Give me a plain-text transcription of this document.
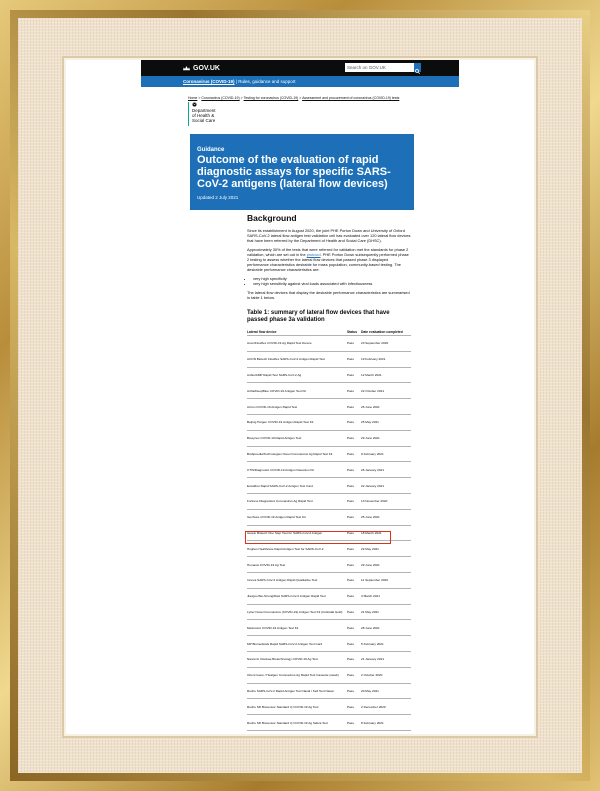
GOV.UK	Search on GOV.UK
Coronavirus (COVID-19) | Rules, guidance and support
Home > Coronavirus (COVID-19) > Testing for coronavirus (COVID-19) > Assessment and procurement of coronavirus (COVID-19) tests
Department
of Health &
Social Care
Guidance
Outcome of the evaluation of rapid diagnostic assays for specific SARS-CoV-2 antigens (lateral flow devices)
Updated 2 July 2021
Background

Since its establishment in August 2020, the joint PHE Porton Down and University of Oxford SARS-CoV-2 lateral flow antigen test validation cell has evaluated over 120 lateral flow devices that have been referred by the Department of Health and Social Care (DHSC).

Approximately 30% of the tests that were referred for validation met the standards for phase 2 validation, which are set out in the protocol. PHE Porton Down subsequently performed phase 2 testing to assess whether the lateral flow devices that passed phase 3 displayed performance characteristics desirable for mass population, community-based testing. The desirable performance characteristics are:

• very high specificity
• very high sensitivity against viral loads associated with infectiousness

The lateral flow devices that display the desirable performance characteristics are summarised in table 1 below.

Table 1: summary of lateral flow devices that have passed phase 3a validation
Lateral flow device	Status	Date evaluation completed
Acon/Flowflex COVID-19 Ag Rapid Test Device	Pass	23 September 2020
ACON Biotech Flowflex SARS-CoV-2 Antigen Rapid Test	Pass	19 February 2021
Anbio/AMP Rapid Test SARS-CoV-2 Ag	Pass	12 March 2021
Artha/DeepBlue COVID-19 Antigen Test Kit	Pass	22 October 2021
Artron COVID-19 Antigen Rapid Test	Pass	26 June 2021
Beijing Hotgen COVID-19 Antigen Rapid Test Kit	Pass	25 May 2021
Biosynex COVID-19 Rapid Antigen Test	Pass	29 June 2021
BioSpeedia/Technologies Novel Coronavirus Ag Rapid Test Kit	Pass	9 February 2021
CTIS/Diagnostic COVID-19 Antigen Detection Kit	Pass	26 January 2021
Excalibur Rapid SARS-CoV-2 Antigen Test Card	Pass	22 January 2021
Fortress Diagnostics Coronavirus Ag Rapid Test	Pass	13 November 2020
GenSure COVID-19 Antigen Rapid Test Kit	Pass	25 June 2021
Getein Biotech One Step Test for SARS-CoV-2 Antigen	Pass	18 March 2021
Hughes Healthcare Rapid Antigen Test for SARS-CoV-2	Pass	22 May 2021
Humasis COVID-19 Ag Test	Pass	29 June 2021
Innova SARS-CoV-2 Antigen Rapid Qualitative Test	Pass	11 September 2020
Jiangsu Bio-Strong/Diaz SARS-CoV-2 Antigen Rapid Test	Pass	3 March 2021
Lyher Novel Coronavirus (COVID-19) Antigen Test Kit (Colloidal Gold)	Pass	21 May 2021
Medomics COVID-19 Antigen Test Kit	Pass	28 June 2021
MP Biomedicals Rapid SARS-CoV-2 Antigen Test Card	Pass	5 February 2021
Nanomix Clarivae Biotechnology COVID-19 Ag Test	Pass	21 January 2021
Orient Gene / Healgen Coronavirus Ag Rapid Test Cassette (swab)	Pass	2 October 2020
Roche SARS-CoV-2 Rapid Antigen Test Nasal / Self Test Nasal	Pass	20 May 2021
Roche SD Biosensor Standard Q COVID-19 Ag Test	Pass	2 December 2020
Roche SD Biosensor Standard Q COVID-19 Ag Saliva Test	Pass	8 February 2021
